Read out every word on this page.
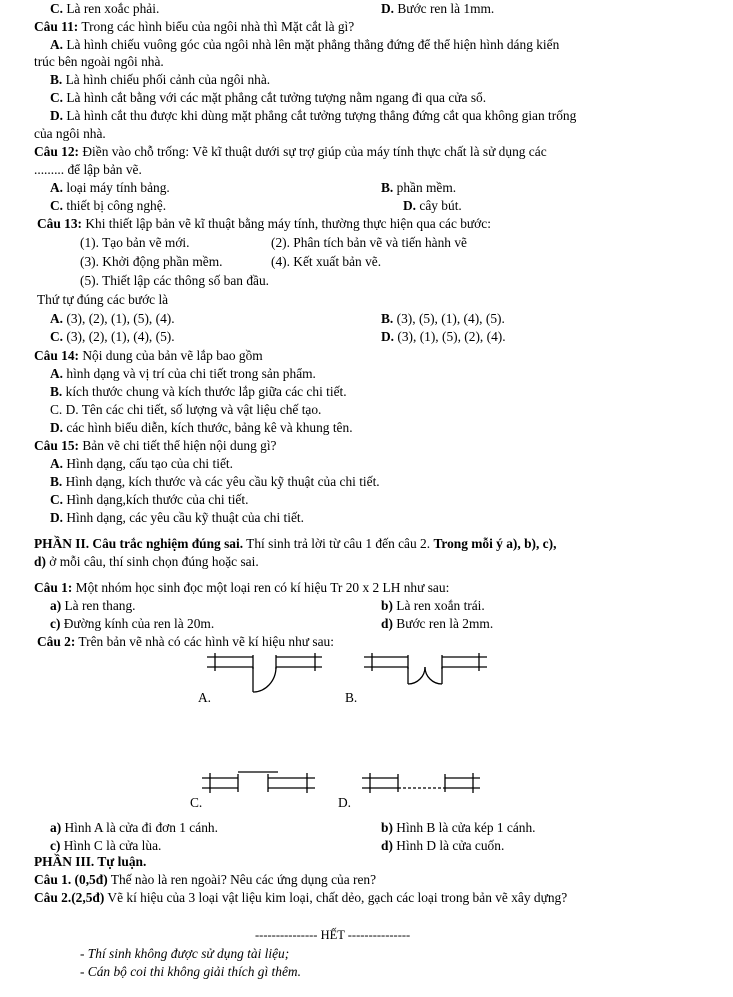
C. Là ren xoắc phải.	D. Bước ren là 1mm.
Câu 11: Trong các hình biểu của ngôi nhà thì Mặt cắt là gì?
A. Là hình chiếu vuông góc của ngôi nhà lên mặt phẳng thẳng đứng để thể hiện hình dáng kiến
trúc bên ngoài ngôi nhà.
B. Là hình chiếu phối cảnh của ngôi nhà.
C. Là hình cắt bằng với các mặt phẳng cắt tưởng tượng nằm ngang đi qua cửa sổ.
D. Là hình cắt thu được khi dùng mặt phẳng cắt tưởng tượng thẳng đứng cắt qua không gian trống
của ngôi nhà.
Câu 12: Điền vào chỗ trống: Vẽ kĩ thuật dưới sự trợ giúp của máy tính thực chất là sử dụng các
......... để lập bản vẽ.
A. loại máy tính bảng.	B. phần mềm.
C. thiết bị công nghệ.	D. cây bút.
Câu 13: Khi thiết lập bản vẽ kĩ thuật bằng máy tính, thường thực hiện qua các bước:
(1). Tạo bản vẽ mới.	(2). Phân tích bản vẽ và tiến hành vẽ
(3). Khởi động phần mềm.	(4). Kết xuất bản vẽ.
(5). Thiết lập các thông số ban đầu.
Thứ tự đúng các bước là
A. (3), (2), (1), (5), (4).	B. (3), (5), (1), (4), (5).
C. (3), (2), (1), (4), (5).	D. (3), (1), (5), (2), (4).
Câu 14: Nội dung của bản vẽ lắp bao gồm
A. hình dạng và vị trí của chi tiết trong sản phẩm.
B. kích thước chung và kích thước lắp giữa các chi tiết.
C. D. Tên các chi tiết, số lượng và vật liệu chế tạo.
D. các hình biểu diễn, kích thước, bảng kê và khung tên.
Câu 15: Bản vẽ chi tiết thể hiện nội dung gì?
A. Hình dạng, cấu tạo của chi tiết.
B. Hình dạng, kích thước và các yêu cầu kỹ thuật của chi tiết.
C. Hình dạng,kích thước của chi tiết.
D. Hình dạng, các yêu cầu kỹ thuật của chi tiết.
PHẦN II. Câu trắc nghiệm đúng sai. Thí sinh trả lời từ câu 1 đến câu 2. Trong mỗi ý a), b), c),
d) ở mỗi câu, thí sinh chọn đúng hoặc sai.
Câu 1: Một nhóm học sinh đọc một loại ren có kí hiệu Tr 20 x 2 LH như sau:
a) Là ren thang.	b) Là ren xoắn trái.
c) Đường kính của ren là 20m.	d) Bước ren là 2mm.
Câu 2: Trên bản vẽ nhà có các hình vẽ kí hiệu như sau:
A.	B.
C.	D.
a) Hình A là cửa đi đơn 1 cánh.	b) Hình B là cửa kép 1 cánh.
c) Hình C là cửa lùa.	d) Hình D là cửa cuốn.
PHẦN III. Tự luận.
Câu 1. (0,5đ) Thế nào là ren ngoài? Nêu các ứng dụng của ren?
Câu 2.(2,5đ) Vẽ kí hiệu của 3 loại vật liệu kim loại, chất dẻo, gạch các loại trong bản vẽ xây dựng?
--------------- HẾT ---------------
- Thí sinh không được sử dụng tài liệu;
- Cán bộ coi thi không giải thích gì thêm.
